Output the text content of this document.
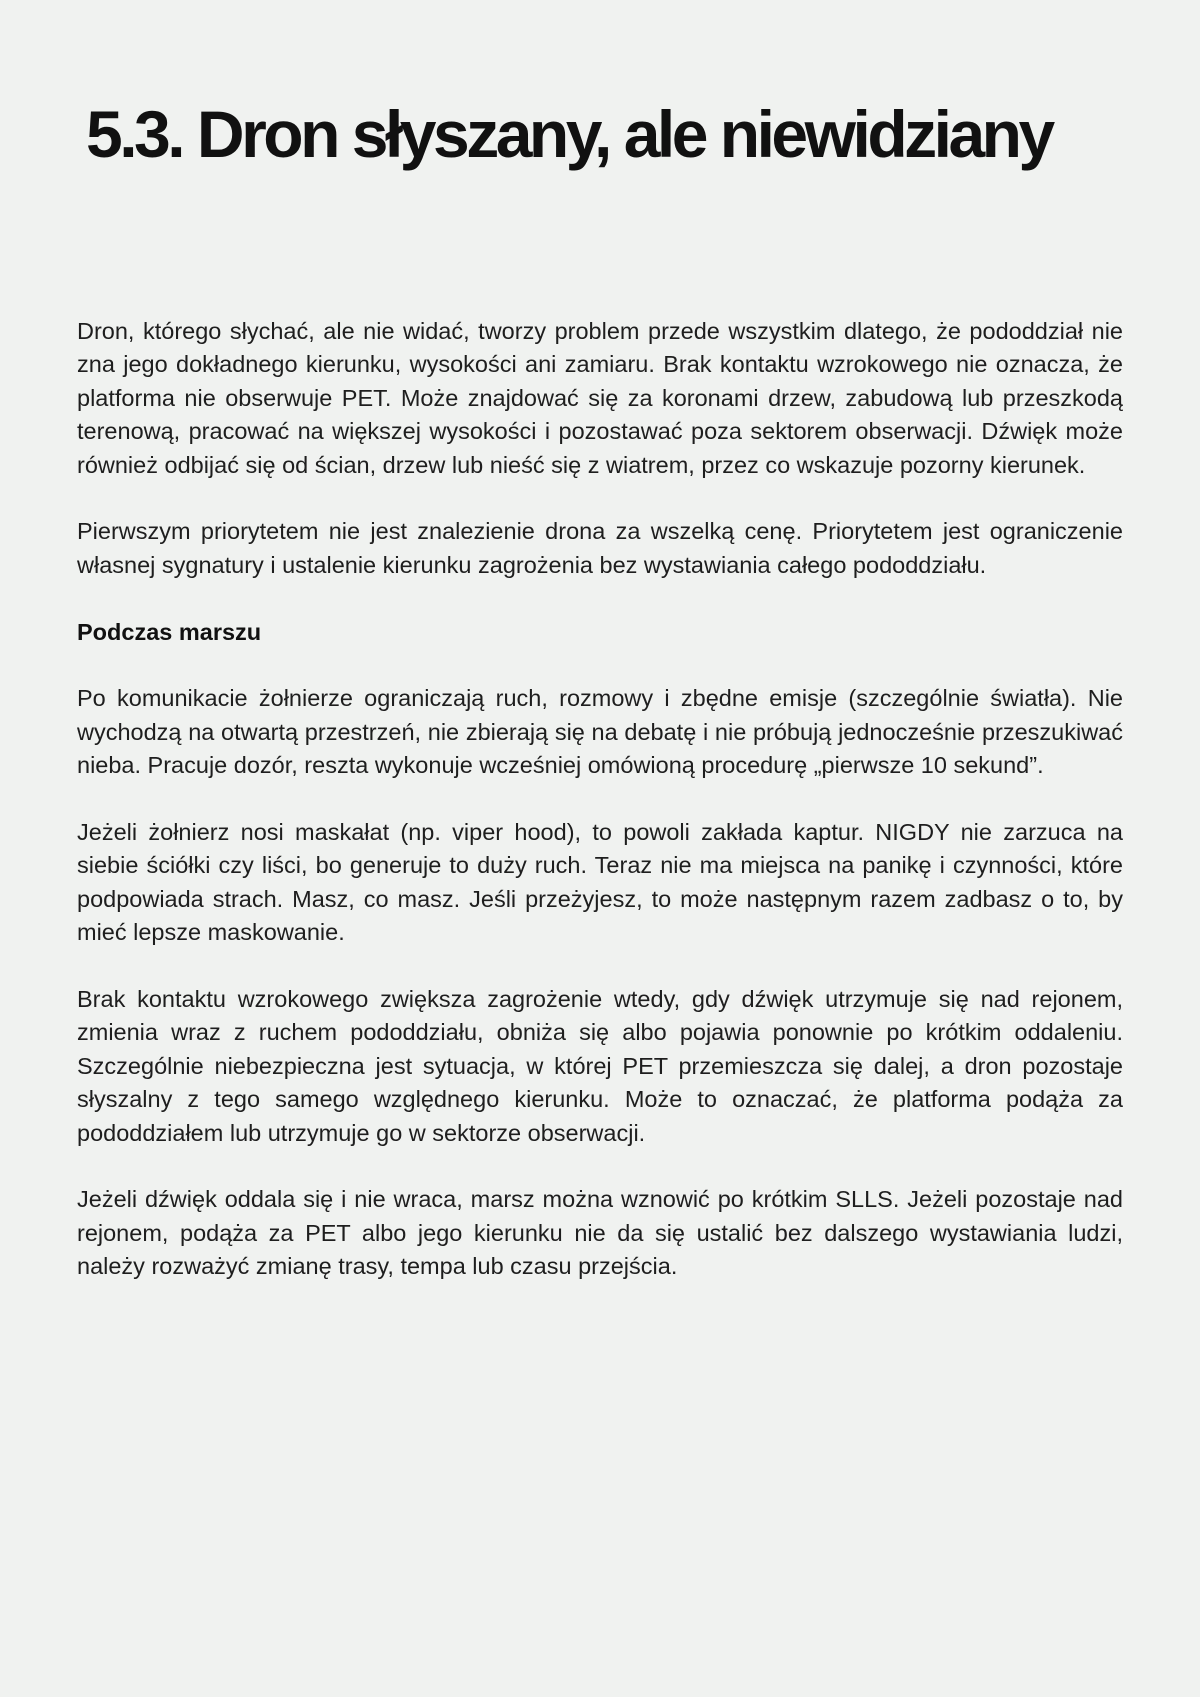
5.3. Dron słyszany, ale niewidziany

Dron, którego słychać, ale nie widać, tworzy problem przede wszystkim dlatego, że pododdział nie zna jego dokładnego kierunku, wysokości ani zamiaru. Brak kontaktu wzrokowego nie oznacza, że platforma nie obserwuje PET. Może znajdować się za koronami drzew, zabudową lub przeszkodą terenową, pracować na większej wysokości i pozostawać poza sektorem obserwacji. Dźwięk może również odbijać się od ścian, drzew lub nieść się z wiatrem, przez co wskazuje pozorny kierunek.

Pierwszym priorytetem nie jest znalezienie drona za wszelką cenę. Priorytetem jest ograniczenie własnej sygnatury i ustalenie kierunku zagrożenia bez wystawiania całego pododdziału.

Podczas marszu

Po komunikacie żołnierze ograniczają ruch, rozmowy i zbędne emisje (szczególnie światła). Nie wychodzą na otwartą przestrzeń, nie zbierają się na debatę i nie próbują jednocześnie przeszukiwać nieba. Pracuje dozór, reszta wykonuje wcześniej omówioną procedurę „pierwsze 10 sekund”.

Jeżeli żołnierz nosi maskałat (np. viper hood), to powoli zakłada kaptur. NIGDY nie zarzuca na siebie ściółki czy liści, bo generuje to duży ruch. Teraz nie ma miejsca na panikę i czynności, które podpowiada strach. Masz, co masz. Jeśli przeżyjesz, to może następnym razem zadbasz o to, by mieć lepsze maskowanie.

Brak kontaktu wzrokowego zwiększa zagrożenie wtedy, gdy dźwięk utrzymuje się nad rejonem, zmienia wraz z ruchem pododdziału, obniża się albo pojawia ponownie po krótkim oddaleniu. Szczególnie niebezpieczna jest sytuacja, w której PET przemieszcza się dalej, a dron pozostaje słyszalny z tego samego względnego kierunku. Może to oznaczać, że platforma podąża za pododdziałem lub utrzymuje go w sektorze obserwacji.

Jeżeli dźwięk oddala się i nie wraca, marsz można wznowić po krótkim SLLS. Jeżeli pozostaje nad rejonem, podąża za PET albo jego kierunku nie da się ustalić bez dalszego wystawiania ludzi, należy rozważyć zmianę trasy, tempa lub czasu przejścia.
